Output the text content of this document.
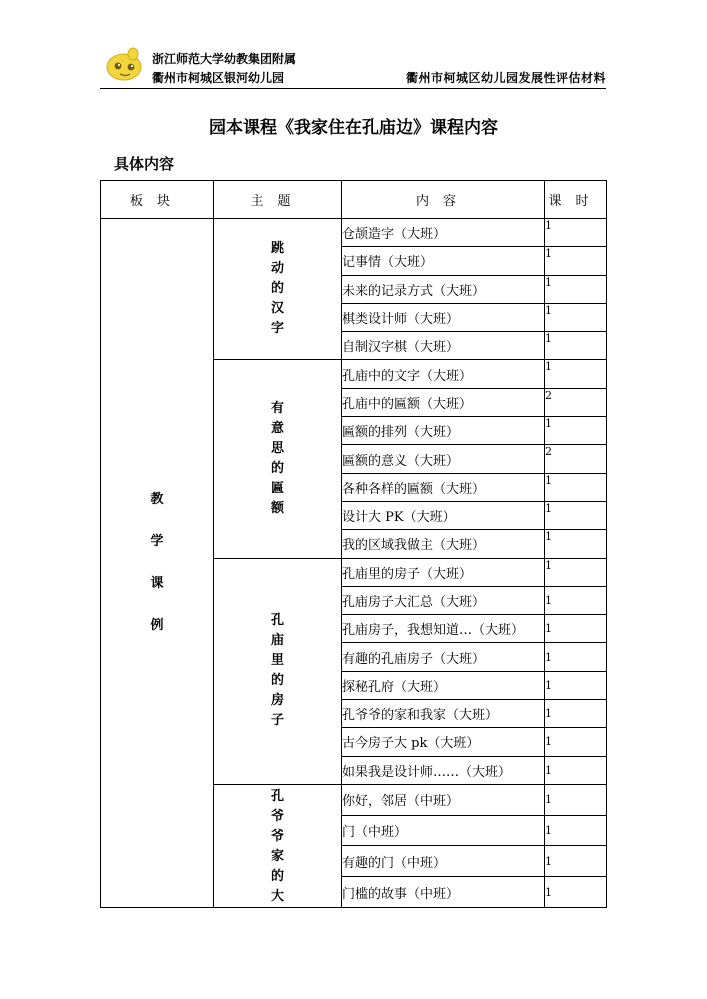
浙江师范大学幼教集团附属
衢州市柯城区银河幼儿园	衢州市柯城区幼儿园发展性评估材料
园本课程《我家住在孔庙边》课程内容
具体内容
板块	主题	内容	课时
教学课例	跳动的汉字	仓颉造字（大班）	1
		记事情（大班）	1
		未来的记录方式（大班）	1
		棋类设计师（大班）	1
		自制汉字棋（大班）	1
	有意思的匾额	孔庙中的文字（大班）	1
		孔庙中的匾额（大班）	2
		匾额的排列（大班）	1
		匾额的意义（大班）	2
		各种各样的匾额（大班）	1
		设计大 PK（大班）	1
		我的区域我做主（大班）	1
	孔庙里的房子	孔庙里的房子（大班）	1
		孔庙房子大汇总（大班）	1
		孔庙房子，我想知道…（大班）	1
		有趣的孔庙房子（大班）	1
		探秘孔府（大班）	1
		孔爷爷的家和我家（大班）	1
		古今房子大 pk（大班）	1
		如果我是设计师……（大班）	1
	孔爷爷家的大	你好，邻居（中班）	1
		门（中班）	1
		有趣的门（中班）	1
		门槛的故事（中班）	1
